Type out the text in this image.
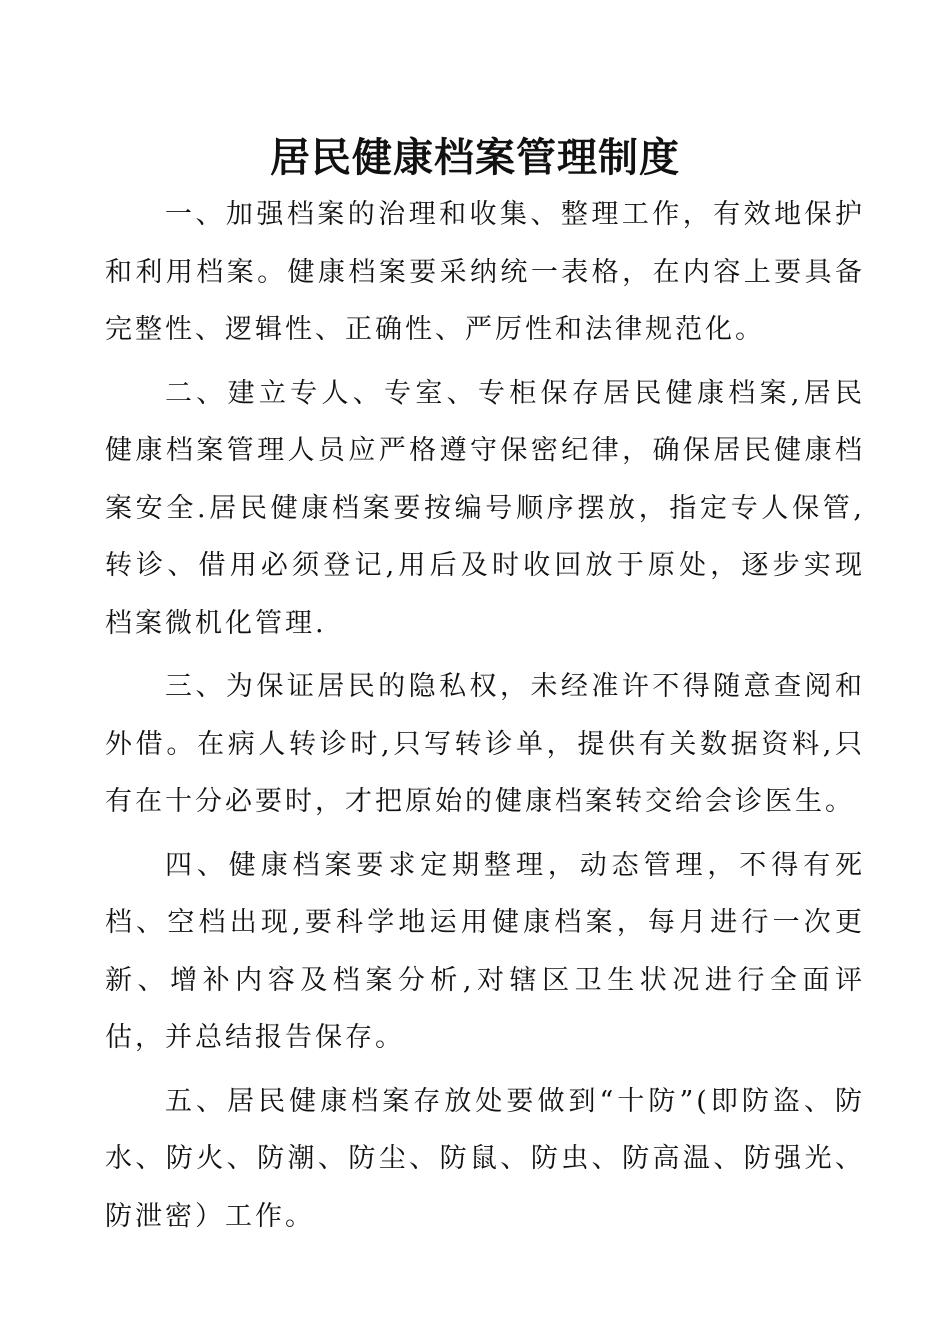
居民健康档案管理制度

一、加强档案的治理和收集、整理工作，有效地保护和利用档案。健康档案要采纳统一表格，在内容上要具备完整性、逻辑性、正确性、严厉性和法律规范化。

二、建立专人、专室、专柜保存居民健康档案,居民健康档案管理人员应严格遵守保密纪律，确保居民健康档案安全.居民健康档案要按编号顺序摆放，指定专人保管,转诊、借用必须登记,用后及时收回放于原处，逐步实现档案微机化管理.

三、为保证居民的隐私权，未经准许不得随意查阅和外借。在病人转诊时,只写转诊单，提供有关数据资料,只有在十分必要时，才把原始的健康档案转交给会诊医生。

四、健康档案要求定期整理，动态管理，不得有死档、空档出现,要科学地运用健康档案，每月进行一次更新、增补内容及档案分析,对辖区卫生状况进行全面评估，并总结报告保存。

五、居民健康档案存放处要做到“十防”(即防盗、防水、防火、防潮、防尘、防鼠、防虫、防高温、防强光、防泄密）工作。
